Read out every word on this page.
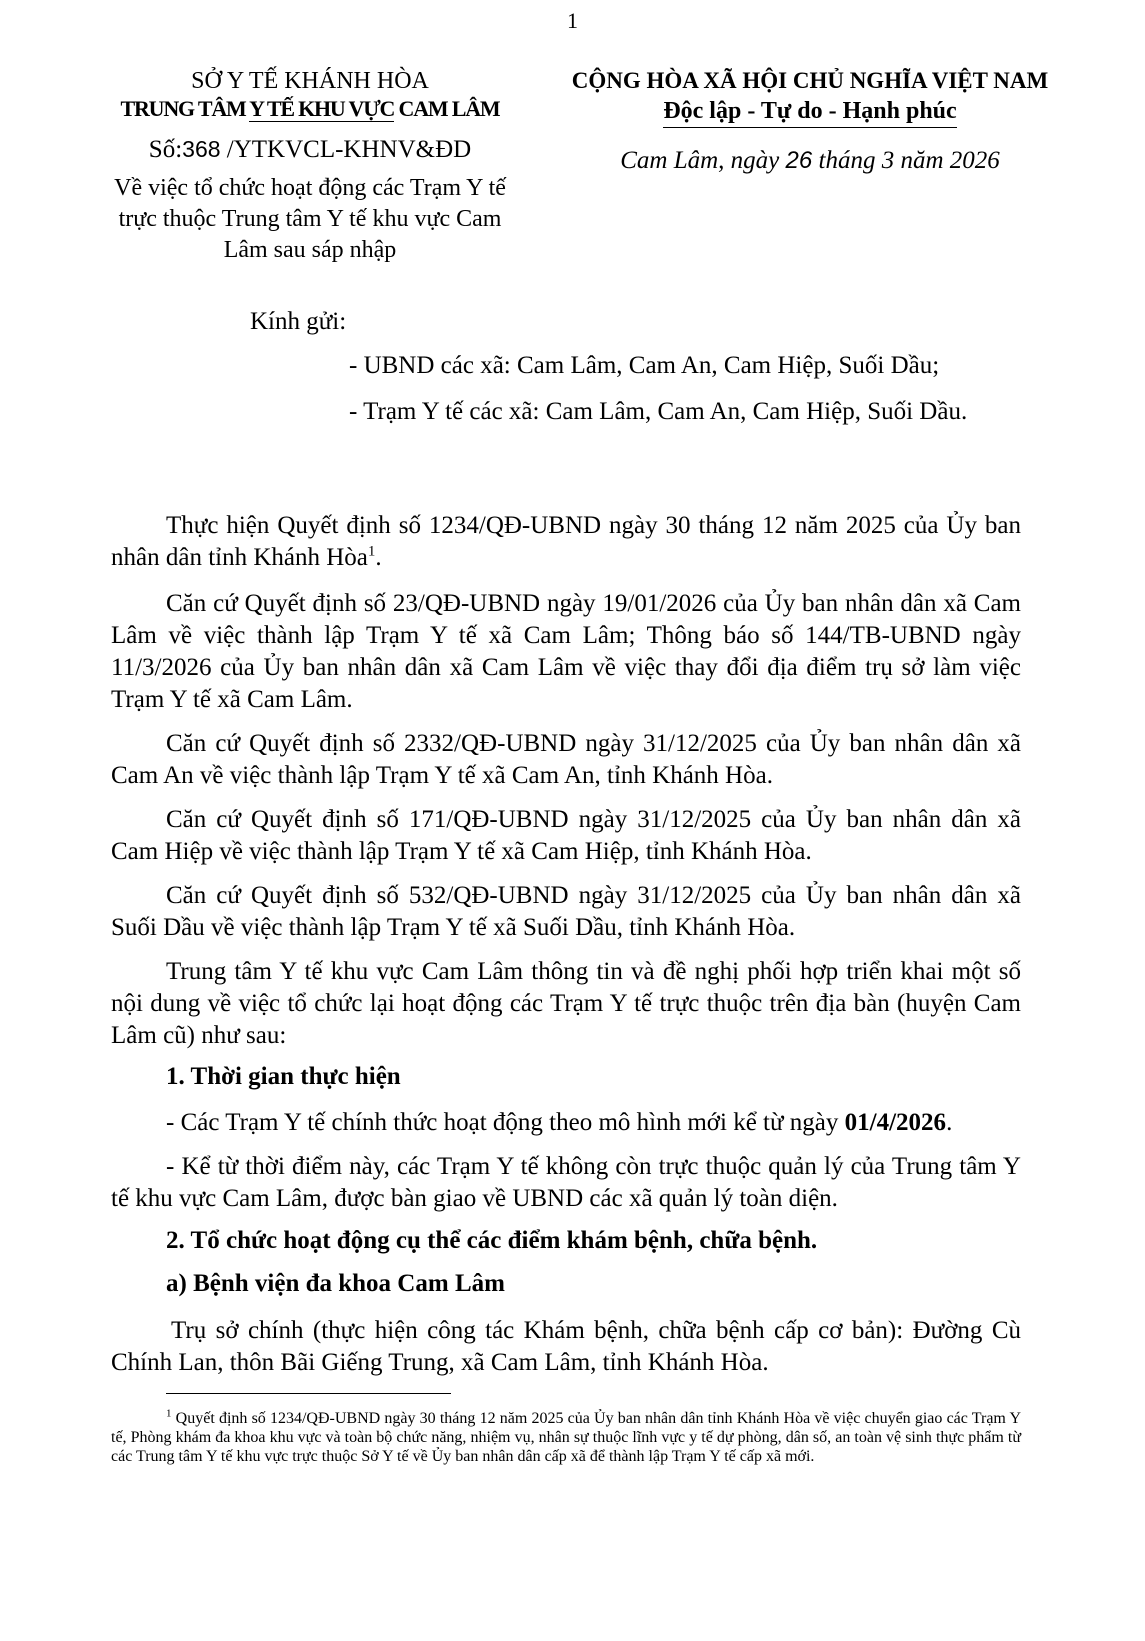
1
SỞ Y TẾ KHÁNH HÒA
TRUNG TÂM Y TẾ KHU VỰC CAM LÂM
Số:368 /YTKVCL-KHNV&ĐD
Về việc tổ chức hoạt động các Trạm Y tế trực thuộc Trung tâm Y tế khu vực Cam Lâm sau sáp nhập
CỘNG HÒA XÃ HỘI CHỦ NGHĨA VIỆT NAM
Độc lập - Tự do - Hạnh phúc
Cam Lâm, ngày 26 tháng 3 năm 2026
Kính gửi:
- UBND các xã: Cam Lâm, Cam An, Cam Hiệp, Suối Dầu;
- Trạm Y tế các xã: Cam Lâm, Cam An, Cam Hiệp, Suối Dầu.
Thực hiện Quyết định số 1234/QĐ-UBND ngày 30 tháng 12 năm 2025 của Ủy ban nhân dân tỉnh Khánh Hòa$^1$.
Căn cứ Quyết định số 23/QĐ-UBND ngày 19/01/2026 của Ủy ban nhân dân xã Cam Lâm về việc thành lập Trạm Y tế xã Cam Lâm; Thông báo số 144/TB-UBND ngày 11/3/2026 của Ủy ban nhân dân xã Cam Lâm về việc thay đổi địa điểm trụ sở làm việc Trạm Y tế xã Cam Lâm.
Căn cứ Quyết định số 2332/QĐ-UBND ngày 31/12/2025 của Ủy ban nhân dân xã Cam An về việc thành lập Trạm Y tế xã Cam An, tỉnh Khánh Hòa.
Căn cứ Quyết định số 171/QĐ-UBND ngày 31/12/2025 của Ủy ban nhân dân xã Cam Hiệp về việc thành lập Trạm Y tế xã Cam Hiệp, tỉnh Khánh Hòa.
Căn cứ Quyết định số 532/QĐ-UBND ngày 31/12/2025 của Ủy ban nhân dân xã Suối Dầu về việc thành lập Trạm Y tế xã Suối Dầu, tỉnh Khánh Hòa.
Trung tâm Y tế khu vực Cam Lâm thông tin và đề nghị phối hợp triển khai một số nội dung về việc tổ chức lại hoạt động các Trạm Y tế trực thuộc trên địa bàn (huyện Cam Lâm cũ) như sau:
1. Thời gian thực hiện
- Các Trạm Y tế chính thức hoạt động theo mô hình mới kể từ ngày 01/4/2026.
- Kể từ thời điểm này, các Trạm Y tế không còn trực thuộc quản lý của Trung tâm Y tế khu vực Cam Lâm, được bàn giao về UBND các xã quản lý toàn diện.
2. Tổ chức hoạt động cụ thể các điểm khám bệnh, chữa bệnh.
a) Bệnh viện đa khoa Cam Lâm
Trụ sở chính (thực hiện công tác Khám bệnh, chữa bệnh cấp cơ bản): Đường Cù Chính Lan, thôn Bãi Giếng Trung, xã Cam Lâm, tỉnh Khánh Hòa.
$^1$ Quyết định số 1234/QĐ-UBND ngày 30 tháng 12 năm 2025 của Ủy ban nhân dân tỉnh Khánh Hòa về việc chuyển giao các Trạm Y tế, Phòng khám đa khoa khu vực và toàn bộ chức năng, nhiệm vụ, nhân sự thuộc lĩnh vực y tế dự phòng, dân số, an toàn vệ sinh thực phẩm từ các Trung tâm Y tế khu vực trực thuộc Sở Y tế về Ủy ban nhân dân cấp xã để thành lập Trạm Y tế cấp xã mới.
